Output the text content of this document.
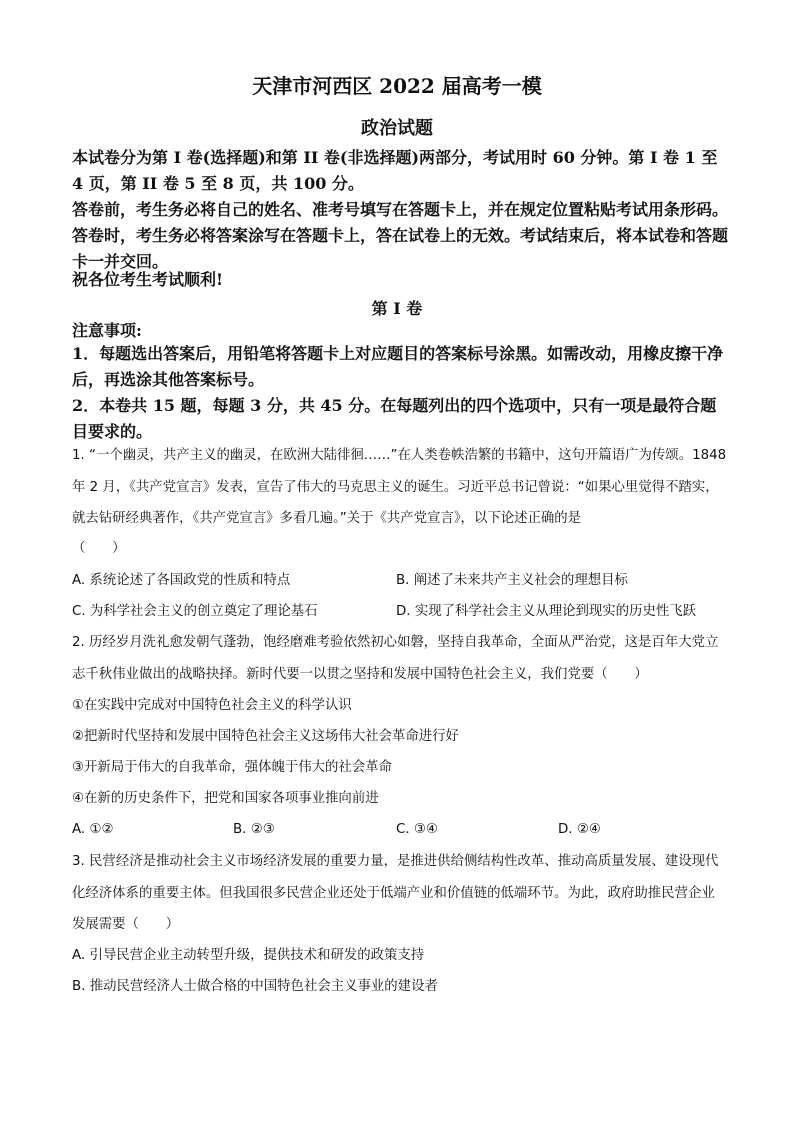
天津市河西区 2022 届高考一模
政治试题
本试卷分为第 I 卷(选择题)和第 II 卷(非选择题)两部分，考试用时 60 分钟。第 I 卷 1 至 4 页，第 II 卷 5 至 8 页，共 100 分。
答卷前，考生务必将自己的姓名、准考号填写在答题卡上，并在规定位置粘贴考试用条形码。答卷时，考生务必将答案涂写在答题卡上，答在试卷上的无效。考试结束后，将本试卷和答题卡一并交回。
祝各位考生考试顺利!
第 I 卷
注意事项:
1．每题选出答案后，用铅笔将答题卡上对应题目的答案标号涂黑。如需改动，用橡皮擦干净后，再选涂其他答案标号。
2．本卷共 15 题，每题 3 分，共 45 分。在每题列出的四个选项中，只有一项是最符合题目要求的。
1. “一个幽灵，共产主义的幽灵，在欧洲大陆徘徊……”在人类卷帙浩繁的书籍中，这句开篇语广为传颂。1848 年 2 月，《共产党宣言》发表，宣告了伟大的马克思主义的诞生。习近平总书记曾说：“如果心里觉得不踏实，就去钻研经典著作，《共产党宣言》多看几遍。”关于《共产党宣言》，以下论述正确的是
（　　）
A. 系统论述了各国政党的性质和特点	B. 阐述了未来共产主义社会的理想目标
C. 为科学社会主义的创立奠定了理论基石	D. 实现了科学社会主义从理论到现实的历史性飞跃
2. 历经岁月洗礼愈发朝气蓬勃，饱经磨难考验依然初心如磐，坚持自我革命，全面从严治党，这是百年大党立志千秋伟业做出的战略抉择。新时代要一以贯之坚持和发展中国特色社会主义，我们党要（　　）
①在实践中完成对中国特色社会主义的科学认识
②把新时代坚持和发展中国特色社会主义这场伟大社会革命进行好
③开新局于伟大的自我革命，强体魄于伟大的社会革命
④在新的历史条件下，把党和国家各项事业推向前进
A. ①②	B. ②③	C. ③④	D. ②④
3. 民营经济是推动社会主义市场经济发展的重要力量，是推进供给侧结构性改革、推动高质量发展、建设现代化经济体系的重要主体。但我国很多民营企业还处于低端产业和价值链的低端环节。为此，政府助推民营企业发展需要（　　）
A. 引导民营企业主动转型升级，提供技术和研发的政策支持
B. 推动民营经济人士做合格的中国特色社会主义事业的建设者
